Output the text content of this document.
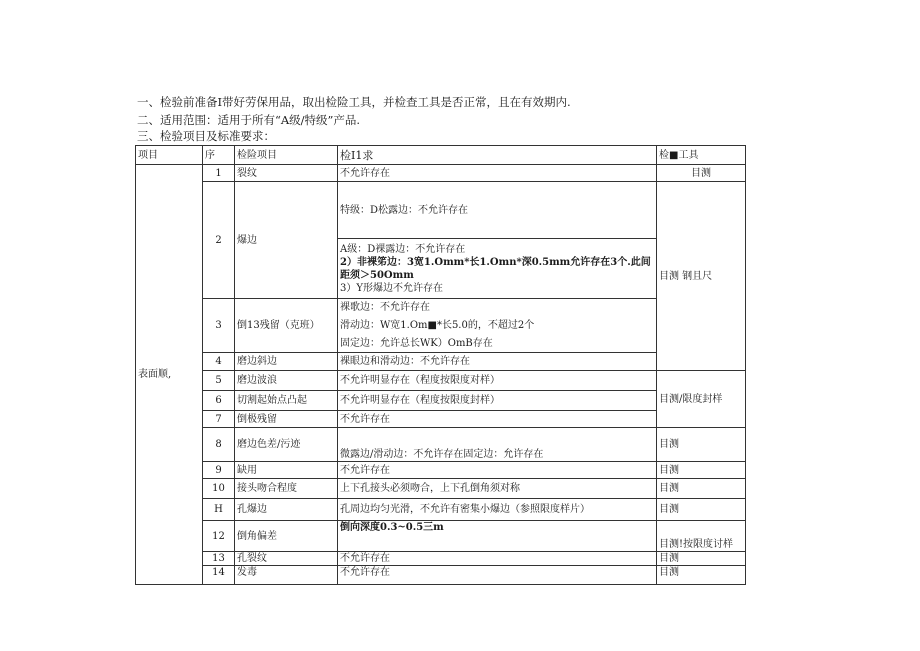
一、检验前准备I带好劳保用品，取出检险工具，并检查工具是否正常，且在有效期内.
二、适用范围：适用于所有“A级/特级”产品.
三、检验项目及标准要求：
项目	序	检险项目	检I1求	检■工具
表面顺,	1	裂纹	不允许存在	目测
	2	爆边	特级：D松露边：不允许存在	目测 钢且尺

			A级：D裸露边：不允许存在
2）非裸笫边：3宽1.Omm*长1.Omn*深0.5mm允许存在3个.此间距须＞50Omm
3）Y形爆边不允许存在	

	3	倒13残留（克班）	裸歌边：不允许存在
滑动边：W宽1.Om■*长5.0的，不超过2个
固定边：允许总长WK）OmB存在	

	4	磨边斜边	裸眼边和滑动边：不允许存在	
	5	磨边波浪	不允许明显存在（程度按限度对样）	目测/限度封样
	6	切割起始点凸起	不允许明显存在（程度按限度封样）	
	7	倒极残留	不允许存在	
	8	磨边色差/污迹	微露边/滑动边：不允许存在固定边：允许存在	目测
	9	缺用	不允许存在	目测
	10	接头吻合程度	上下孔接头必须吻合，上下孔倒角须对称	目测
	H	孔爆边	孔周边均匀光滑，不允许有密集小爆边（参照限度样片）	目测
	12	倒角偏差	倒向深度0.3~0.5三m	目测!按限度讨样
	13	孔裂纹	不允许存在	目测
	14	发毒	不允许存在	目测
